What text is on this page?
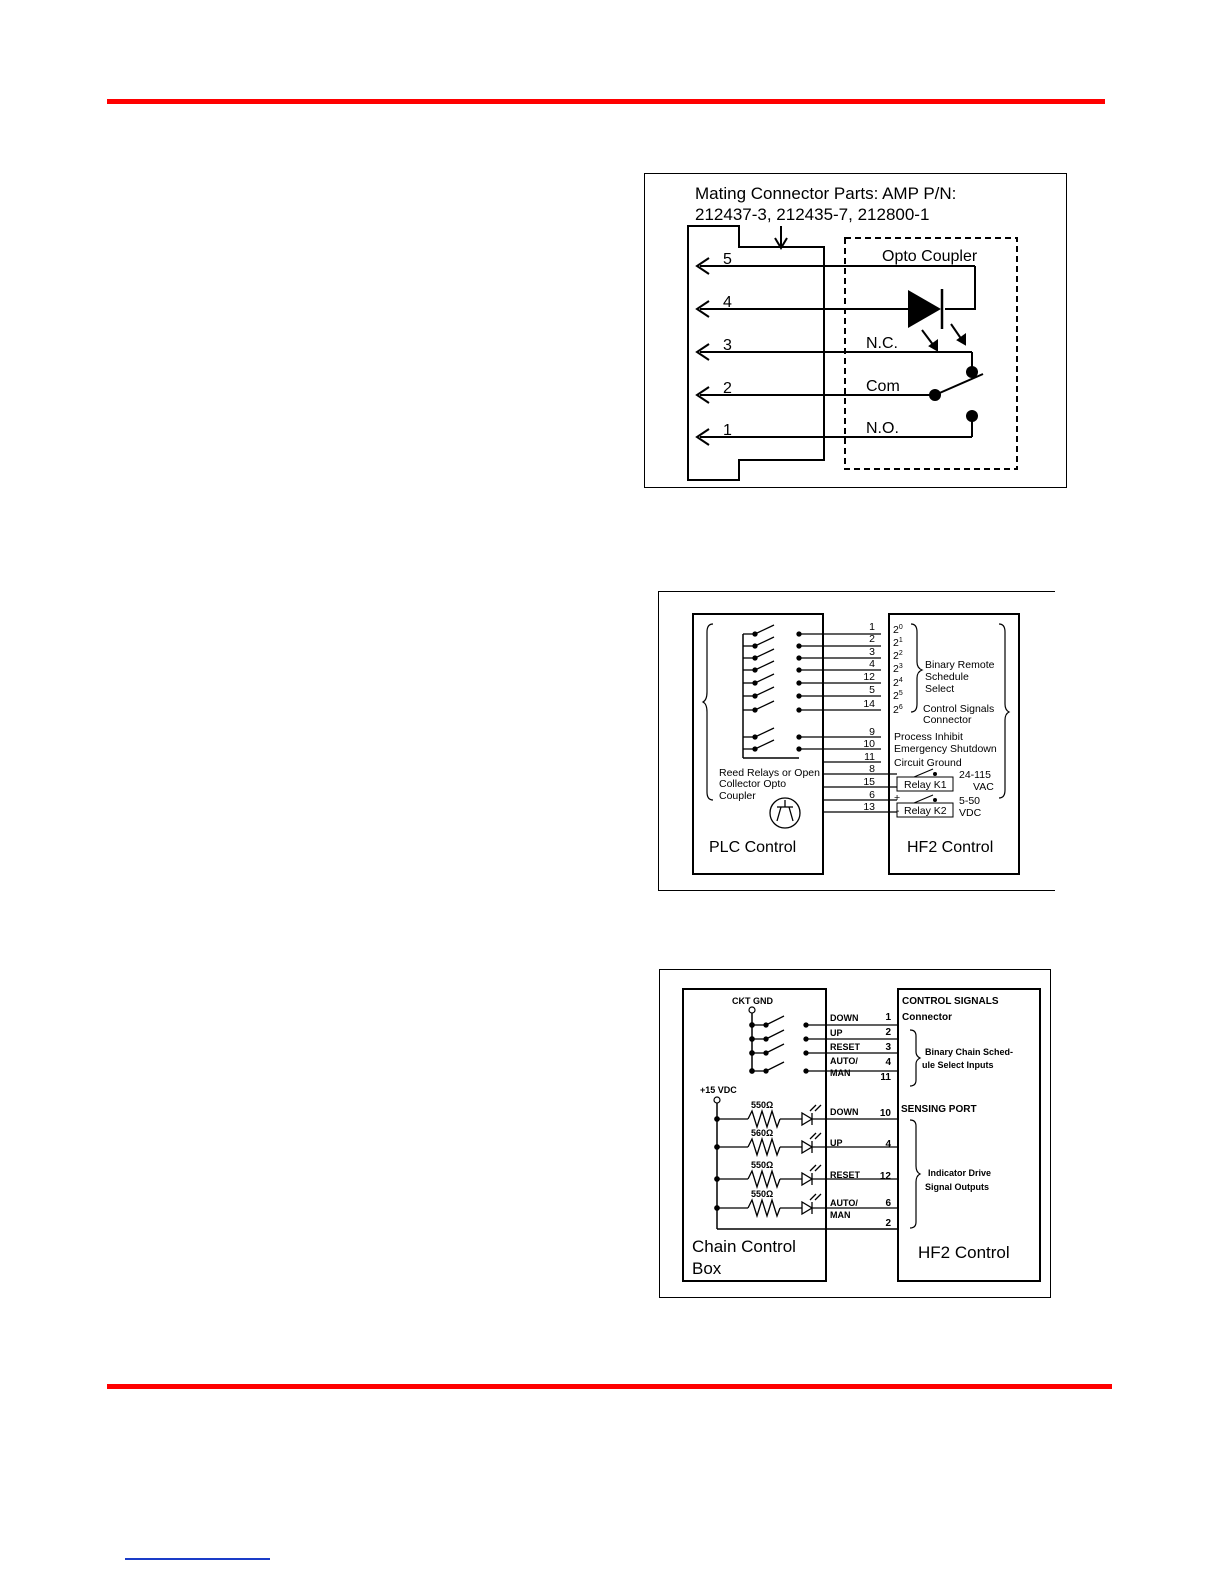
Mating Connector Parts: AMP P/N:
212437-3, 212435-7, 212800-1
5
4
3
2
1
Opto Coupler
N.C.
Com
N.O.
PLC Control	HF2 Control
1
2
3
4
12
5
14
9
10
11
8
15
6
13
$2^0$
$2^1$
$2^2$
$2^3$
$2^4$
$2^5$
$2^6$
Binary Remote
Schedule
Select
Control Signals
Connector
Process Inhibit
Emergency Shutdown
Circuit Ground
Relay K1
24-115
VAC
+
- Relay K2
5-50
VDC
Reed Relays or Open
Collector Opto
Coupler
Chain Control
Box
HF2 Control
CKT GND
DOWN
UP
RESET
AUTO/
MAN
1
2
3
4
11
CONTROL SIGNALS
Connector
Binary Chain Sched-
ule Select Inputs
+15 VDC
550Ω
560Ω
550Ω
550Ω
DOWN
UP
RESET
AUTO/
MAN
10
4
12
6
2
SENSING PORT
Indicator Drive
Signal Outputs
